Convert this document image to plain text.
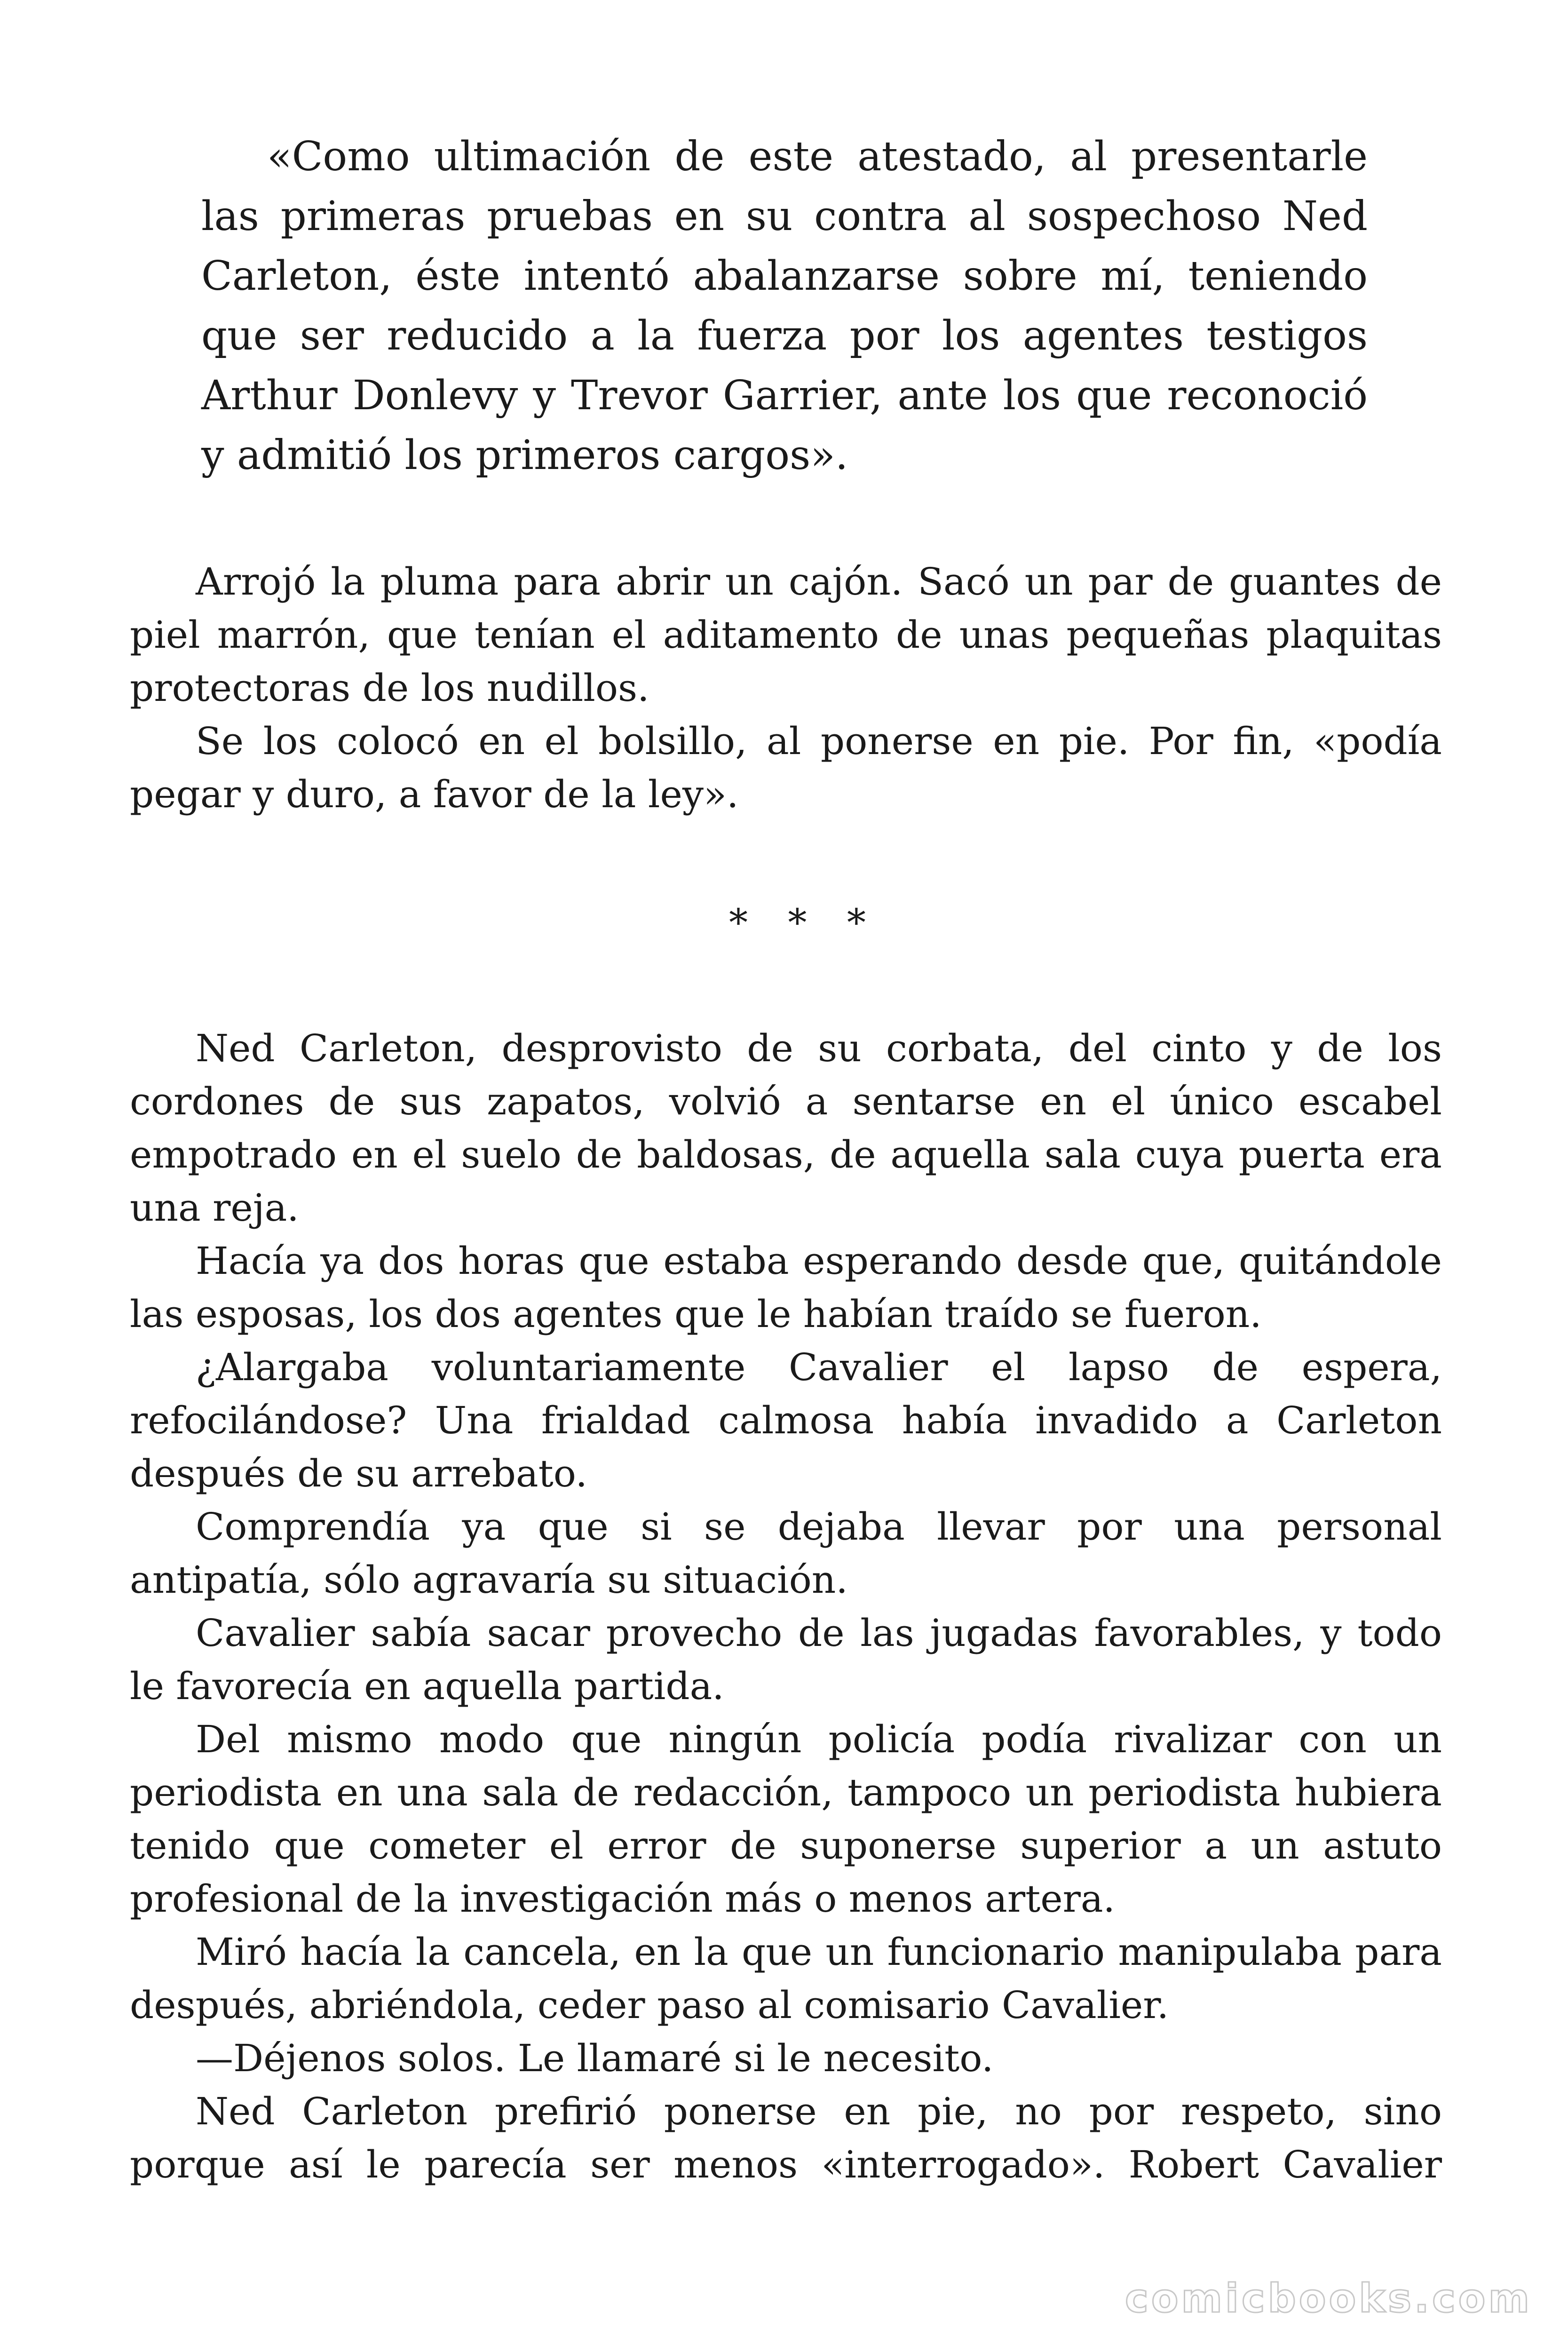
«Como ultimación de este atestado, al presentarle las primeras pruebas en su contra al sospechoso Ned Carleton, éste intentó abalanzarse sobre mí, teniendo que ser reducido a la fuerza por los agentes testigos Arthur Donlevy y Trevor Garrier, ante los que reconoció y admitió los primeros cargos».

Arrojó la pluma para abrir un cajón. Sacó un par de guantes de piel marrón, que tenían el aditamento de unas pequeñas plaquitas protectoras de los nudillos.

Se los colocó en el bolsillo, al ponerse en pie. Por fin, «podía pegar y duro, a favor de la ley».

* * *

Ned Carleton, desprovisto de su corbata, del cinto y de los cordones de sus zapatos, volvió a sentarse en el único escabel empotrado en el suelo de baldosas, de aquella sala cuya puerta era una reja.

Hacía ya dos horas que estaba esperando desde que, quitándole las esposas, los dos agentes que le habían traído se fueron.

¿Alargaba voluntariamente Cavalier el lapso de espera, refocilándose? Una frialdad calmosa había invadido a Carleton después de su arrebato.

Comprendía ya que si se dejaba llevar por una personal antipatía, sólo agravaría su situación.

Cavalier sabía sacar provecho de las jugadas favorables, y todo le favorecía en aquella partida.

Del mismo modo que ningún policía podía rivalizar con un periodista en una sala de redacción, tampoco un periodista hubiera tenido que cometer el error de suponerse superior a un astuto profesional de la investigación más o menos artera.

Miró hacía la cancela, en la que un funcionario manipulaba para después, abriéndola, ceder paso al comisario Cavalier.

—Déjenos solos. Le llamaré si le necesito.

Ned Carleton prefirió ponerse en pie, no por respeto, sino porque así le parecía ser menos «interrogado». Robert Cavalier

comicbooks.com
